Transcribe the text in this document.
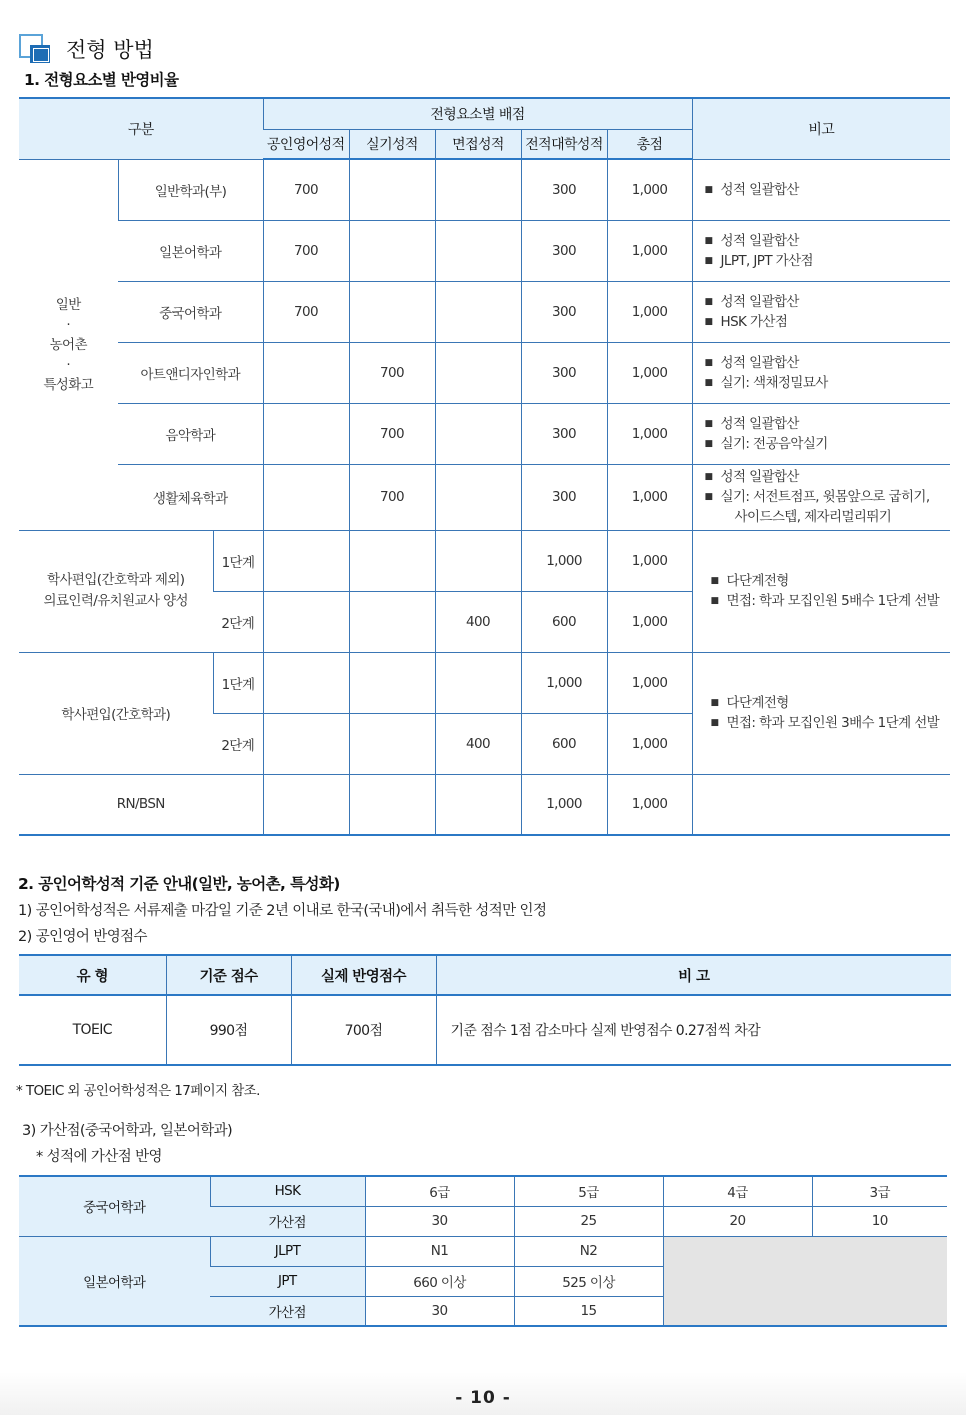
전형 방법
1. 전형요소별 반영비율
구분			전형요소별 배점					비고
			공인영어성적	실기성적	면접성적	전적대학성적	총점	

일반
·
농어촌
·
특성화고	일반학과(부)		700			300	1,000	■ 성적 일괄합산

	일본어학과		700			300	1,000	■ 성적 일괄합산
■ JLPT, JPT 가산점

	중국어학과		700			300	1,000	■ 성적 일괄합산
■ HSK 가산점

	아트앤디자인학과			700		300	1,000	■ 성적 일괄합산
■ 실기: 색채정밀묘사

	음악학과			700		300	1,000	■ 성적 일괄합산
■ 실기: 전공음악실기

	생활체육학과			700		300	1,000	■ 성적 일괄합산
■ 실기: 서전트점프, 윗몸앞으로 굽히기,
사이드스텝, 제자리멀리뛰기

학사편입(간호학과 제외)
의료인력/유치원교사 양성		1단계				1,000	1,000	■ 다단계전형
■ 면접: 학과 모집인원 5배수 1단계 선발

		2단계			400	600	1,000	
학사편입(간호학과)		1단계				1,000	1,000	■ 다단계전형
■ 면접: 학과 모집인원 3배수 1단계 선발

		2단계			400	600	1,000	
RN/BSN						1,000	1,000	
2. 공인어학성적 기준 안내(일반, 농어촌, 특성화)
1) 공인어학성적은 서류제출 마감일 기준 2년 이내로 한국(국내)에서 취득한 성적만 인정
2) 공인영어 반영점수
유 형	기준 점수	실제 반영점수	비 고
TOEIC	990점	700점	기준 점수 1점 감소마다 실제 반영점수 0.27점씩 차감
* TOEIC 외 공인어학성적은 17페이지 참조.
3) 가산점(중국어학과, 일본어학과)
* 성적에 가산점 반영
중국어학과	HSK	6급	5급	4급	3급
	가산점	30	25	20	10
일본어학과	JLPT	N1	N2		
	JPT	660 이상	525 이상		
	가산점	30	15		
- 10 -
